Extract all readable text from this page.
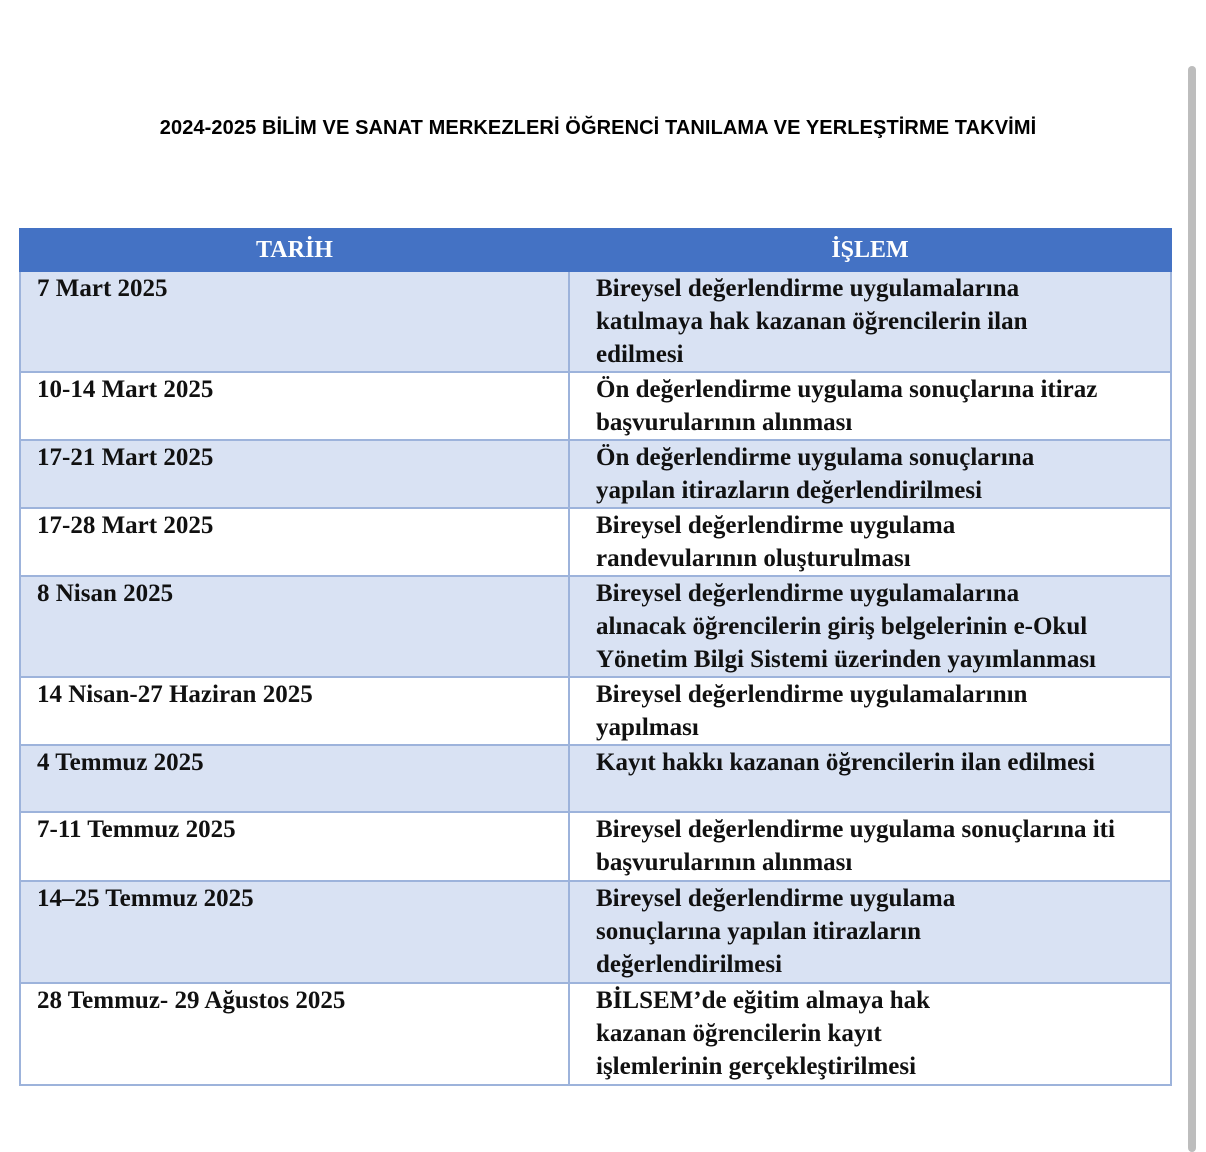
2024-2025 BİLİM VE SANAT MERKEZLERİ ÖĞRENCİ TANILAMA VE YERLEŞTİRME TAKVİMİ
TARİH	İŞLEM
7 Mart 2025	Bireysel değerlendirme uygulamalarına
katılmaya hak kazanan öğrencilerin ilan
edilmesi

10-14 Mart 2025	Ön değerlendirme uygulama sonuçlarına itiraz
başvurularının alınması

17-21 Mart 2025	Ön değerlendirme uygulama sonuçlarına
yapılan itirazların değerlendirilmesi

17-28 Mart 2025	Bireysel değerlendirme uygulama
randevularının oluşturulması

8 Nisan 2025	Bireysel değerlendirme uygulamalarına
alınacak öğrencilerin giriş belgelerinin e-Okul
Yönetim Bilgi Sistemi üzerinden yayımlanması

14 Nisan-27 Haziran 2025	Bireysel değerlendirme uygulamalarının
yapılması

4 Temmuz 2025	Kayıt hakkı kazanan öğrencilerin ilan edilmesi

7-11 Temmuz 2025	Bireysel değerlendirme uygulama sonuçlarına iti
başvurularının alınması

14–25 Temmuz 2025	Bireysel değerlendirme uygulama
sonuçlarına yapılan itirazların
değerlendirilmesi

28 Temmuz- 29 Ağustos 2025	BİLSEM’de eğitim almaya hak
kazanan öğrencilerin kayıt
işlemlerinin gerçekleştirilmesi
